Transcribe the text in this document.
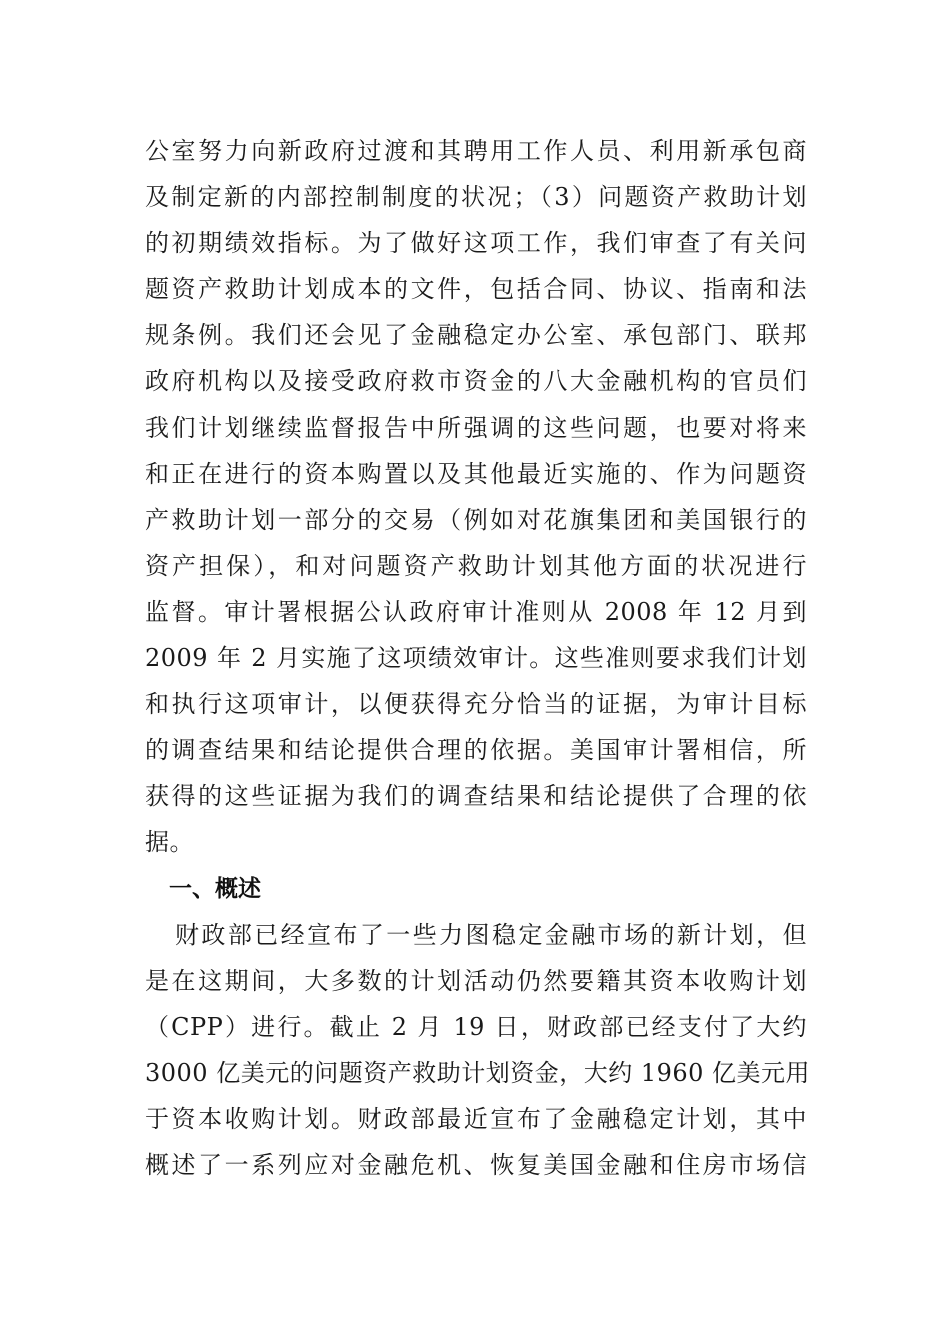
公室努力向新政府过渡和其聘用工作人员、利用新承包商
及制定新的内部控制制度的状况；（3）问题资产救助计划
的初期绩效指标。为了做好这项工作，我们审查了有关问
题资产救助计划成本的文件，包括合同、协议、指南和法
规条例。我们还会见了金融稳定办公室、承包部门、联邦
政府机构以及接受政府救市资金的八大金融机构的官员们
我们计划继续监督报告中所强调的这些问题，也要对将来
和正在进行的资本购置以及其他最近实施的、作为问题资
产救助计划一部分的交易（例如对花旗集团和美国银行的
资产担保），和对问题资产救助计划其他方面的状况进行
监督。审计署根据公认政府审计准则从 2008 年 12 月到
2009 年 2 月实施了这项绩效审计。这些准则要求我们计划
和执行这项审计，以便获得充分恰当的证据，为审计目标
的调查结果和结论提供合理的依据。美国审计署相信，所
获得的这些证据为我们的调查结果和结论提供了合理的依
据。
一、概述
财政部已经宣布了一些力图稳定金融市场的新计划，但
是在这期间，大多数的计划活动仍然要籍其资本收购计划
（CPP）进行。截止 2 月 19 日，财政部已经支付了大约
3000 亿美元的问题资产救助计划资金，大约 1960 亿美元用
于资本收购计划。财政部最近宣布了金融稳定计划，其中
概述了一系列应对金融危机、恢复美国金融和住房市场信
